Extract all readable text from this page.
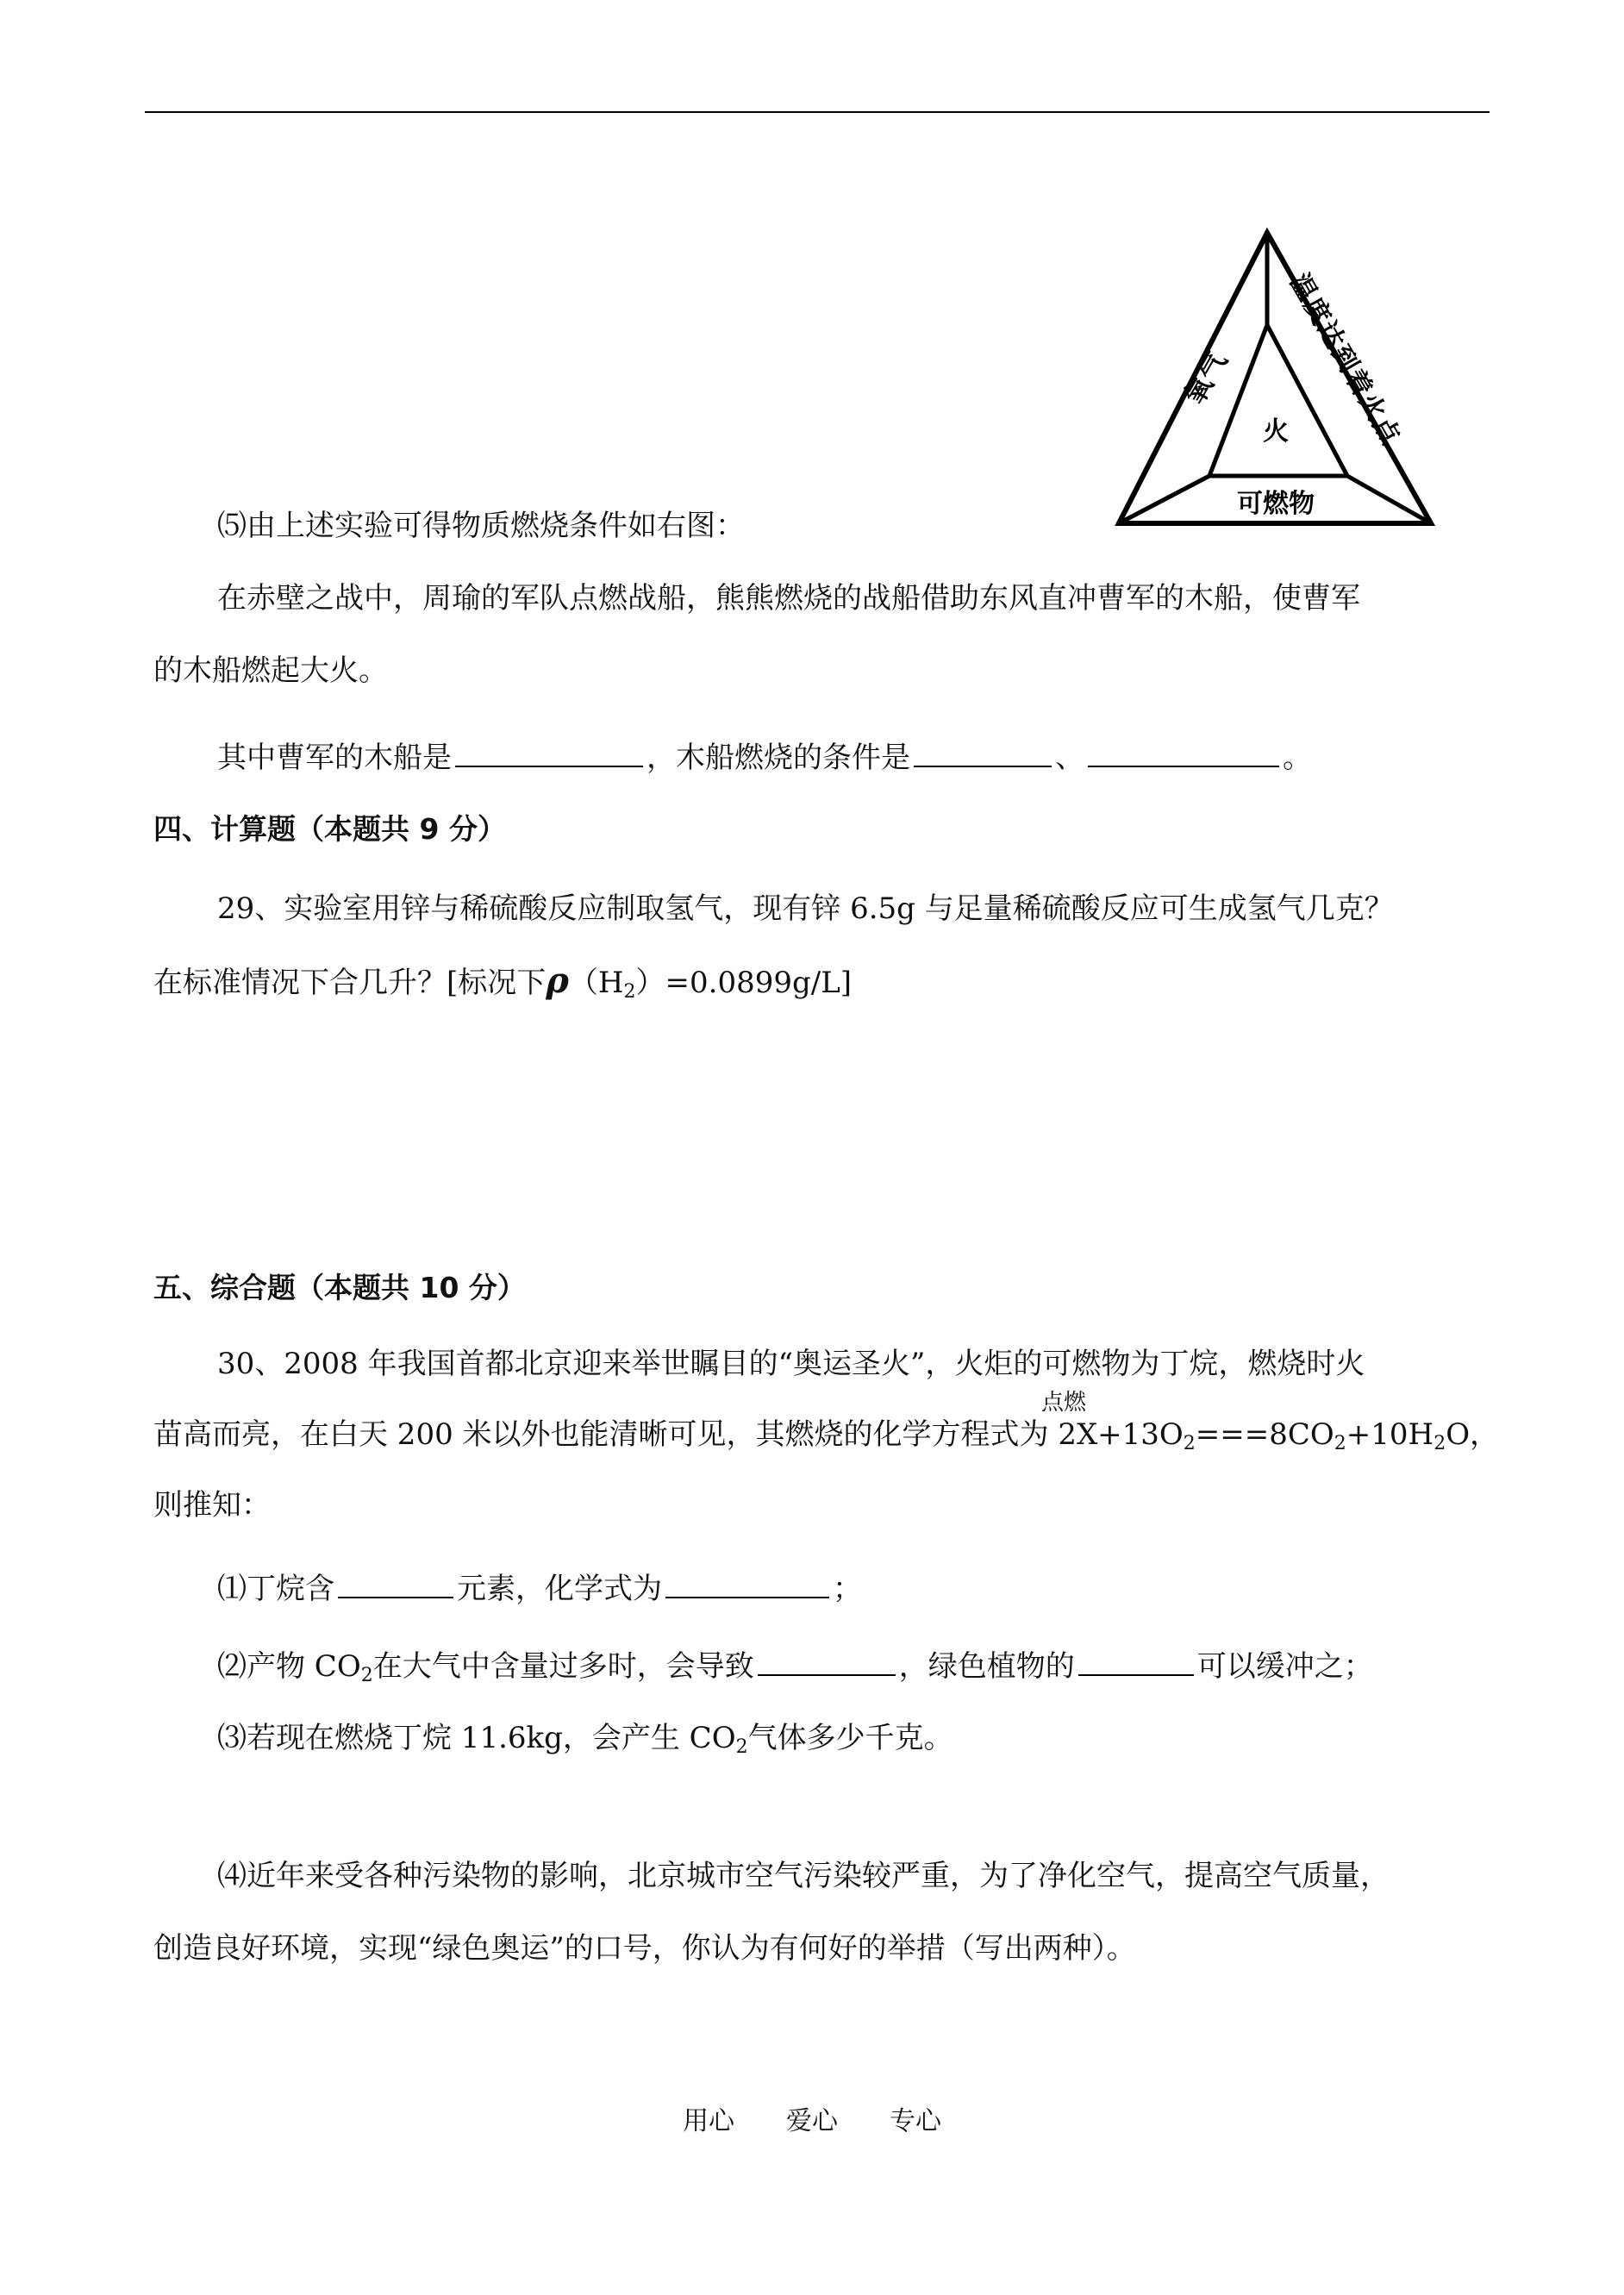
火
可燃物
氧气 温度达到着火点
⑸由上述实验可得物质燃烧条件如右图：
在赤壁之战中，周瑜的军队点燃战船，熊熊燃烧的战船借助东风直冲曹军的木船，使曹军
的木船燃起大火。
其中曹军的木船是	，木船燃烧的条件是	、	。
四、计算题（本题共 9 分）
29、实验室用锌与稀硫酸反应制取氢气，现有锌 6.5g 与足量稀硫酸反应可生成氢气几克？
在标准情况下合几升？[标况下$\rho(H_2)=0.0899g/L$]
五、综合题（本题共 10 分）
30、2008 年我国首都北京迎来举世瞩目的“奥运圣火”，火炬的可燃物为丁烷，燃烧时火
点燃
苗高而亮，在白天 200 米以外也能清晰可见，其燃烧的化学方程式为 $2X+13O_2===8CO_2+10H_2O$，
则推知：
⑴丁烷含	元素，化学式为	；
⑵产物 $CO_2$在大气中含量过多时，会导致	，绿色植物的	可以缓冲之；
⑶若现在燃烧丁烷 11.6kg，会产生 $CO_2$气体多少千克。
⑷近年来受各种污染物的影响，北京城市空气污染较严重，为了净化空气，提高空气质量，
创造良好环境，实现“绿色奥运”的口号，你认为有何好的举措（写出两种）。
用心 爱心 专心
